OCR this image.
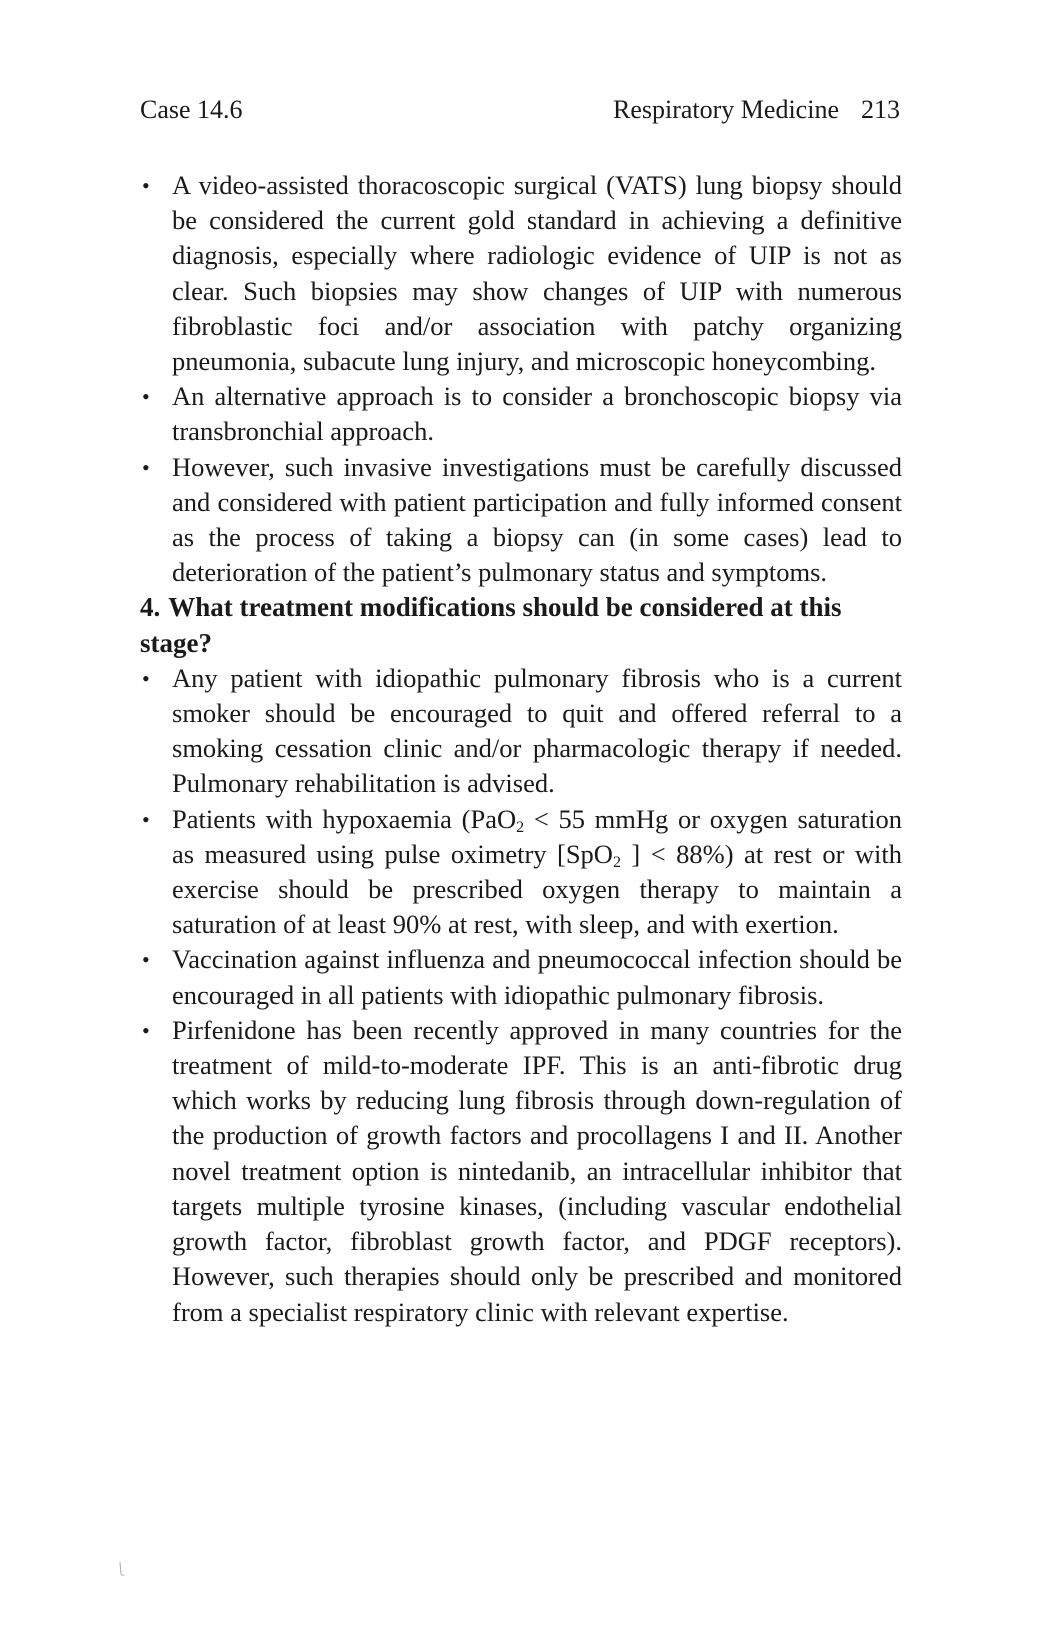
Case 14.6	Respiratory Medicine 213
• A video-assisted thoracoscopic surgical (VATS) lung biopsy should be considered the current gold standard in achieving a definitive diagnosis, especially where radiologic evidence of UIP is not as clear. Such biopsies may show changes of UIP with numerous fibroblastic foci and/or association with patchy organizing pneumonia, subacute lung injury, and microscopic honeycombing.
• An alternative approach is to consider a bronchoscopic biopsy via transbronchial approach.
• However, such invasive investigations must be carefully discussed and considered with patient participation and fully informed consent as the process of taking a biopsy can (in some cases) lead to deterioration of the patient’s pulmonary status and symptoms.

4. What treatment modifications should be considered at this stage?

• Any patient with idiopathic pulmonary fibrosis who is a current smoker should be encouraged to quit and offered referral to a smoking cessation clinic and/or pharmacologic therapy if needed. Pulmonary rehabilitation is advised.
• Patients with hypoxaemia (PaO$_2$ < 55 mmHg or oxygen saturation as measured using pulse oximetry [SpO$_2$ ] < 88%) at rest or with exercise should be prescribed oxygen therapy to maintain a saturation of at least 90% at rest, with sleep, and with exertion.
• Vaccination against influenza and pneumococcal infection should be encouraged in all patients with idiopathic pulmonary fibrosis.
• Pirfenidone has been recently approved in many countries for the treatment of mild-to-moderate IPF. This is an anti-fibrotic drug which works by reducing lung fibrosis through down-regulation of the production of growth factors and procollagens I and II. Another novel treatment option is nintedanib, an intracellular inhibitor that targets multiple tyrosine kinases, (including vascular endothelial growth factor, fibroblast growth factor, and PDGF receptors). However, such therapies should only be prescribed and monitored from a specialist respiratory clinic with relevant expertise.
